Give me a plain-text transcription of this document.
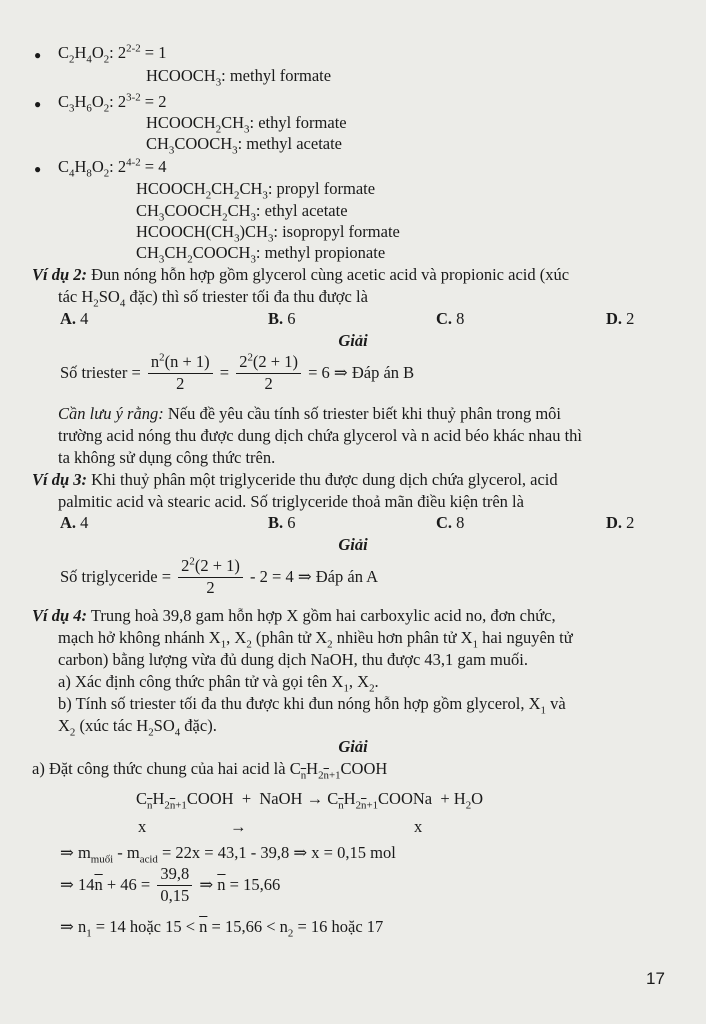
● $C_2H_4O_2$: $2^{2-2} = 1$
$HCOOCH_3$: methyl formate
● $C_3H_6O_2$: $2^{3-2} = 2$
$HCOOCH_2CH_3$: ethyl formate
$CH_3COOCH_3$: methyl acetate
● $C_4H_8O_2$: $2^{4-2} = 4$
$HCOOCH_2CH_2CH_3$: propyl formate
$CH_3COOCH_2CH_3$: ethyl acetate
$HCOOCH(CH_3)CH_3$: isopropyl formate
$CH_3CH_2COOCH_3$: methyl propionate
Ví dụ 2: Đun nóng hỗn hợp gồm glycerol cùng acetic acid và propionic acid (xúc
tác $H_2SO_4$ đặc) thì số triester tối đa thu được là
A. 4	B. 6	C. 8	D. 2
Giải
Số triester = $\frac{n^2(n + 1)}{2} = \frac{2^2(2 + 1)}{2} = 6$ ⇒ Đáp án B
Cần lưu ý rằng: Nếu đề yêu cầu tính số triester biết khi thuỷ phân trong môi
trường acid nóng thu được dung dịch chứa glycerol và n acid béo khác nhau thì
ta không sử dụng công thức trên.
Ví dụ 3: Khi thuỷ phân một triglyceride thu được dung dịch chứa glycerol, acid
palmitic acid và stearic acid. Số triglyceride thoả mãn điều kiện trên là
A. 4	B. 6	C. 8	D. 2
Giải
Số triglyceride = $\frac{2^2(2 + 1)}{2} - 2 = 4$ ⇒ Đáp án A
Ví dụ 4: Trung hoà 39,8 gam hỗn hợp X gồm hai carboxylic acid no, đơn chức,
mạch hở không nhánh $X_1$, $X_2$ (phân tử $X_2$ nhiều hơn phân tử $X_1$ hai nguyên tử
carbon) bằng lượng vừa đủ dung dịch NaOH, thu được 43,1 gam muối.
a) Xác định công thức phân tử và gọi tên $X_1$, $X_2$.
b) Tính số triester tối đa thu được khi đun nóng hỗn hợp gồm glycerol, $X_1$ và
$X_2$ (xúc tác $H_2SO_4$ đặc).
Giải
a) Đặt công thức chung của hai acid là $C_{\overline{n}}H_{2\overline{n}+1}COOH$
$C_{\overline{n}}H_{2\overline{n}+1}COOH$  +  NaOH → $C_{\overline{n}}H_{2\overline{n}+1}COONa + H_2O$
x	→	x
⇒ $m_{muối} - m_{acid} = 22x = 43,1 - 39,8$ ⇒ x = 0,15 mol
⇒ $14\overline{n} + 46 = \frac{39,8}{0,15}$ ⇒ $\overline{n} = 15,66$
⇒ $n_1 = 14$ hoặc $15 < \overline{n} = 15,66 < n_2 = 16$ hoặc 17
17
